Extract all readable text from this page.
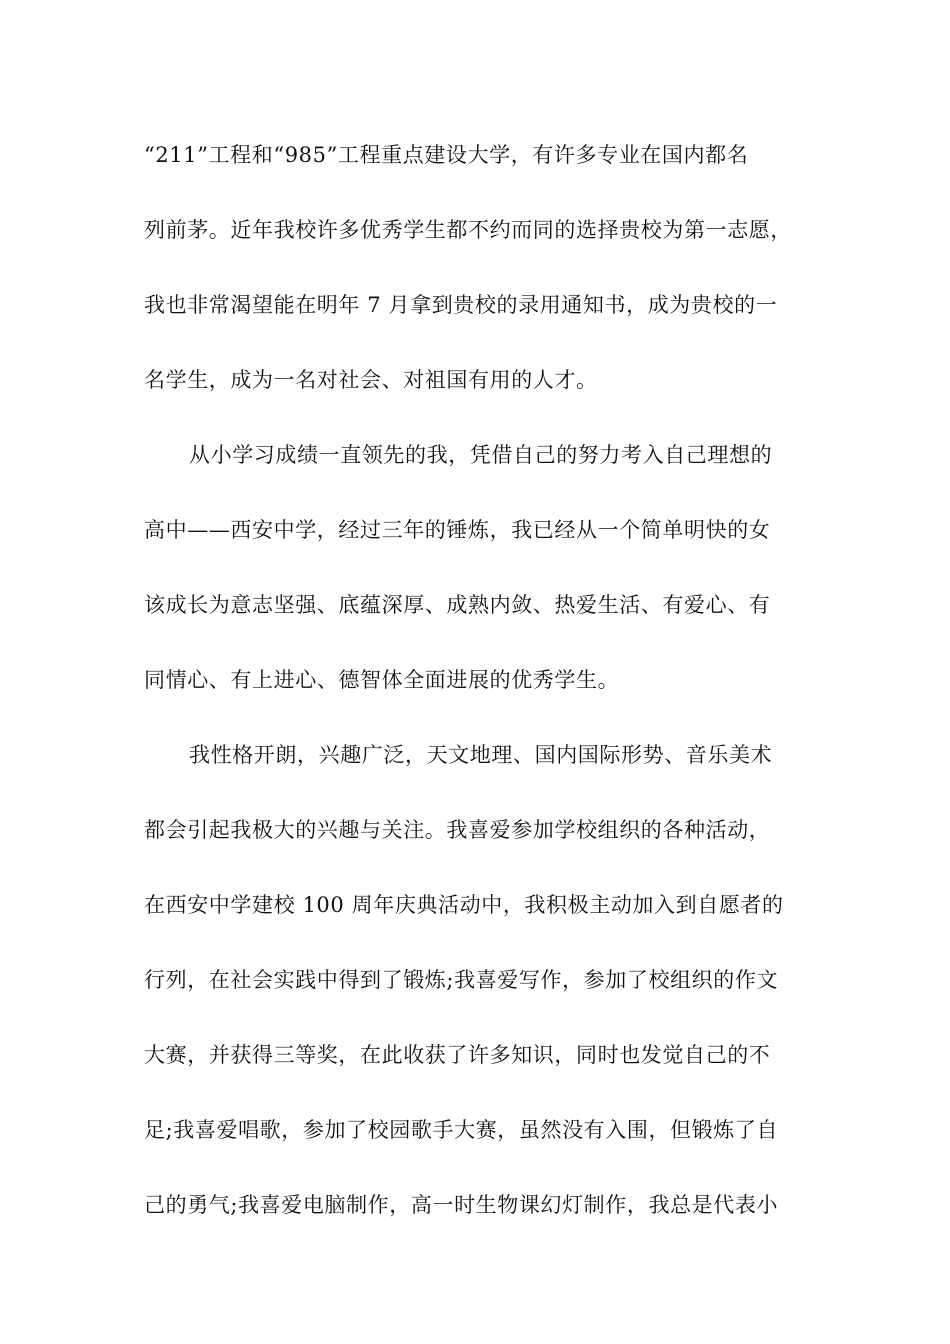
“211”工程和“985”工程重点建设大学，有许多专业在国内都名
列前茅。近年我校许多优秀学生都不约而同的选择贵校为第一志愿，
我也非常渴望能在明年 7 月拿到贵校的录用通知书，成为贵校的一
名学生，成为一名对社会、对祖国有用的人才。
从小学习成绩一直领先的我，凭借自己的努力考入自己理想的
高中——西安中学，经过三年的锤炼，我已经从一个简单明快的女
该成长为意志坚强、底蕴深厚、成熟内敛、热爱生活、有爱心、有
同情心、有上进心、德智体全面进展的优秀学生。
我性格开朗，兴趣广泛，天文地理、国内国际形势、音乐美术
都会引起我极大的兴趣与关注。我喜爱参加学校组织的各种活动，
在西安中学建校 100 周年庆典活动中，我积极主动加入到自愿者的
行列，在社会实践中得到了锻炼;我喜爱写作，参加了校组织的作文
大赛，并获得三等奖，在此收获了许多知识，同时也发觉自己的不
足;我喜爱唱歌，参加了校园歌手大赛，虽然没有入围，但锻炼了自
己的勇气;我喜爱电脑制作，高一时生物课幻灯制作，我总是代表小
